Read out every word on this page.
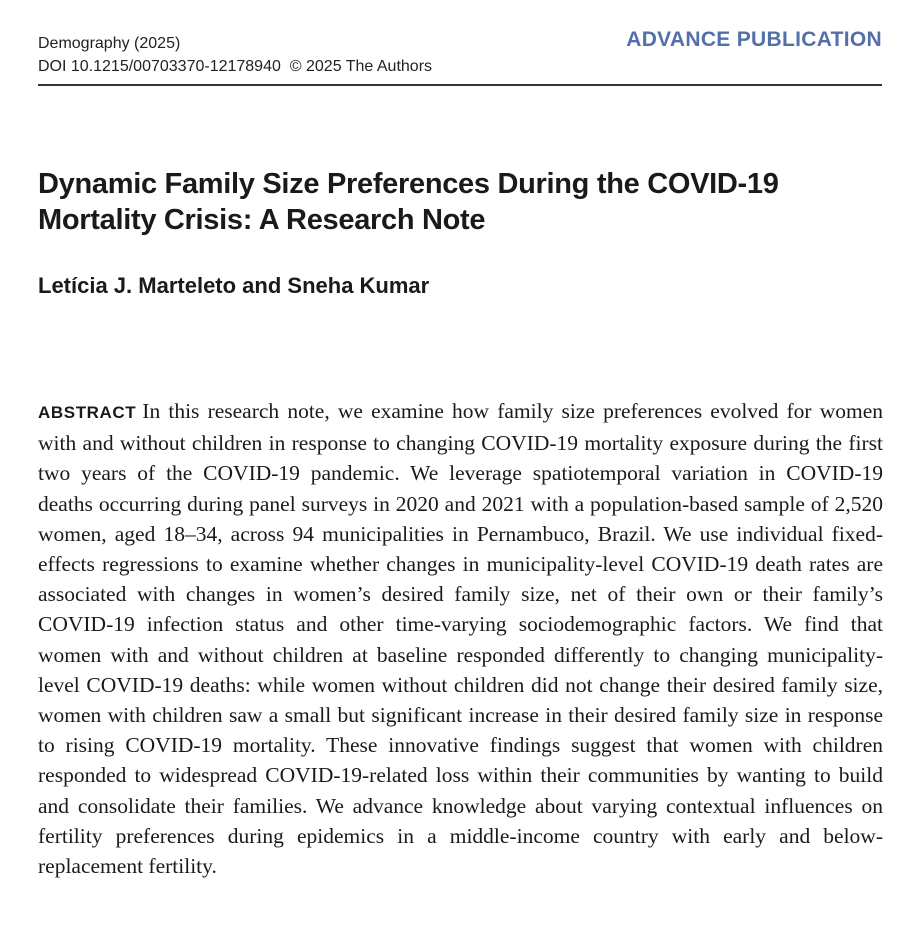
Demography (2025)
DOI 10.1215/00703370-12178940 © 2025 The Authors
ADVANCE PUBLICATION
Dynamic Family Size Preferences During the COVID-19 Mortality Crisis: A Research Note
Letícia J. Marteleto and Sneha Kumar

ABSTRACT In this research note, we examine how family size preferences evolved for women with and without children in response to changing COVID-19 mortality exposure during the first two years of the COVID-19 pandemic. We leverage spatiotemporal variation in COVID-19 deaths occurring during panel surveys in 2020 and 2021 with a population-based sample of 2,520 women, aged 18–34, across 94 municipalities in Pernambuco, Brazil. We use individual fixed-effects regressions to examine whether changes in municipality-level COVID-19 death rates are associated with changes in women’s desired family size, net of their own or their family’s COVID-19 infection status and other time-varying sociodemographic factors. We find that women with and without children at baseline responded differently to changing municipality-level COVID-19 deaths: while women without children did not change their desired family size, women with children saw a small but significant increase in their desired family size in response to rising COVID-19 mortality. These innovative findings suggest that women with children responded to widespread COVID-19-related loss within their communities by wanting to build and consolidate their families. We advance knowledge about varying contextual influences on fertility preferences during epidemics in a middle-income country with early and below-replacement fertility.
